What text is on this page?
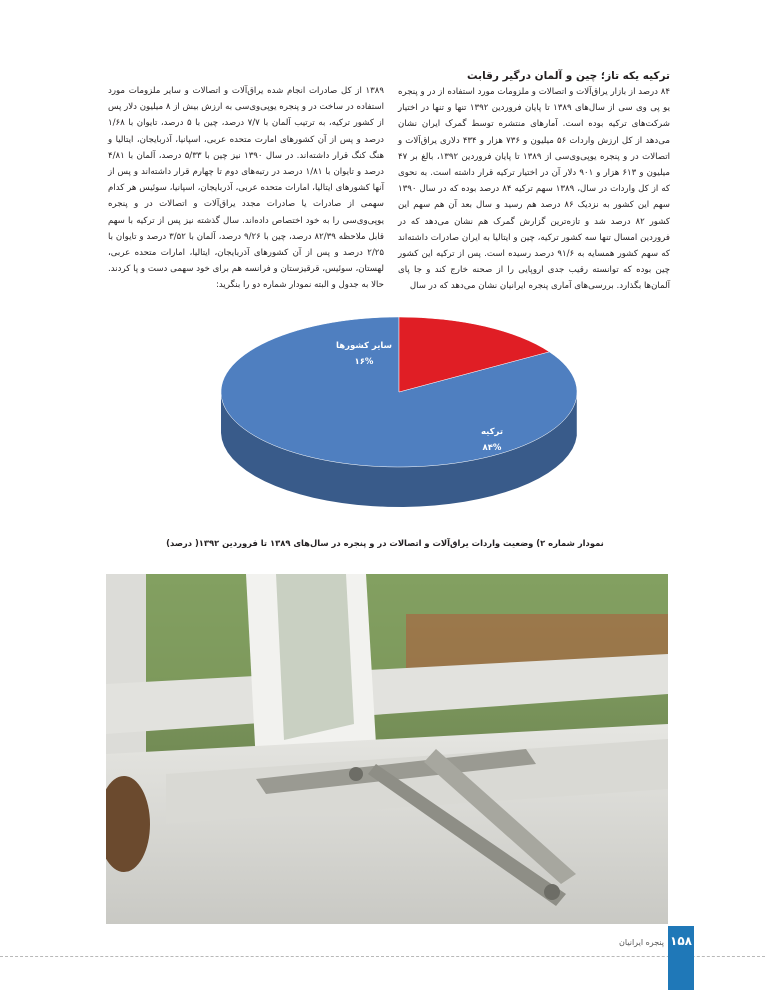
ترکیه یکه تاز؛ چین و آلمان درگیر رقابت
۸۴ درصد از بازار یراق‌آلات و اتصالات و ملزومات مورد استفاده از در و پنجره یو پی وی سی از سال‌های ۱۳۸۹ تا پایان فروردین ۱۳۹۲ تنها و تنها در اختیار شرکت‌های ترکیه بوده است. آمارهای منتشره توسط گمرک ایران نشان می‌دهد از کل ارزش واردات ۵۶ میلیون و ۷۳۶ هزار و ۴۳۴ دلاری یراق‌آلات و اتصالات در و پنجره یوپی‌وی‌سی از ۱۳۸۹ تا پایان فروردین ۱۳۹۲، بالغ بر ۴۷ میلیون و ۶۱۳ هزار و ۹۰۱ دلار آن در اختیار ترکیه قرار داشته است. به نحوی که از کل واردات در سال، ۱۳۸۹ سهم ترکیه ۸۴ درصد بوده که در سال ۱۳۹۰ سهم این کشور به نزدیک ۸۶ درصد هم رسید و سال بعد آن هم سهم این کشور ۸۲ درصد شد و تازه‌ترین گزارش گمرک هم نشان می‌دهد که در فروردین امسال تنها سه کشور ترکیه، چین و ایتالیا به ایران صادرات داشته‌اند که سهم کشور همسایه به ۹۱/۶ درصد رسیده است. پس از ترکیه این کشور چین بوده که توانسته رقیب جدی اروپایی را از صحنه خارج کند و جا پای آلمان‌ها بگذارد. بررسی‌های آماری پنجره ایرانیان نشان می‌دهد که در سال
۱۳۸۹ از کل صادرات انجام شده یراق‌آلات و اتصالات و سایر ملزومات مورد استفاده در ساخت در و پنجره یوپی‌وی‌سی به ارزش بیش از ۸ میلیون دلار پس از کشور ترکیه، به ترتیب آلمان با ۷/۷ درصد، چین با ۵ درصد، تایوان با ۱/۶۸ درصد و پس از آن کشورهای امارت متحده عربی، اسپانیا، آذربایجان، ایتالیا و هنگ کنگ قرار داشته‌اند. در سال ۱۳۹۰ نیز چین با ۵/۳۳ درصد، آلمان با ۴/۸۱ درصد و تایوان با ۱/۸۱ درصد در رتبه‌های دوم تا چهارم قرار داشته‌اند و پس از آنها کشورهای ایتالیا، امارات متحده عربی، آذربایجان، اسپانیا، سوئیس هر کدام سهمی از صادرات یا صادرات مجدد یراق‌آلات و اتصالات در و پنجره یوپی‌وی‌سی را به خود اختصاص داده‌اند. سال گذشته نیز پس از ترکیه با سهم قابل ملاحظه ۸۲/۳۹ درصد، چین با ۹/۲۶ درصد، آلمان با ۳/۵۲ درصد و تایوان با ۲/۲۵ درصد و پس از آن کشورهای آذربایجان، ایتالیا، امارات متحده عربی، لهستان، سوئیس، قرقیزستان و فرانسه هم برای خود سهمی دست و پا کردند. حالا به جدول و البته نمودار شماره دو را بنگرید:
ترکیه
۸۴%
سایر کشورها
۱۶%
نمودار شماره ۲) وضعیت واردات یراق‌آلات و اتصالات در و پنجره در سال‌های ۱۳۸۹ تا فروردین ۱۳۹۲( درصد)
۱۵۸
پنجره ایرانیان
